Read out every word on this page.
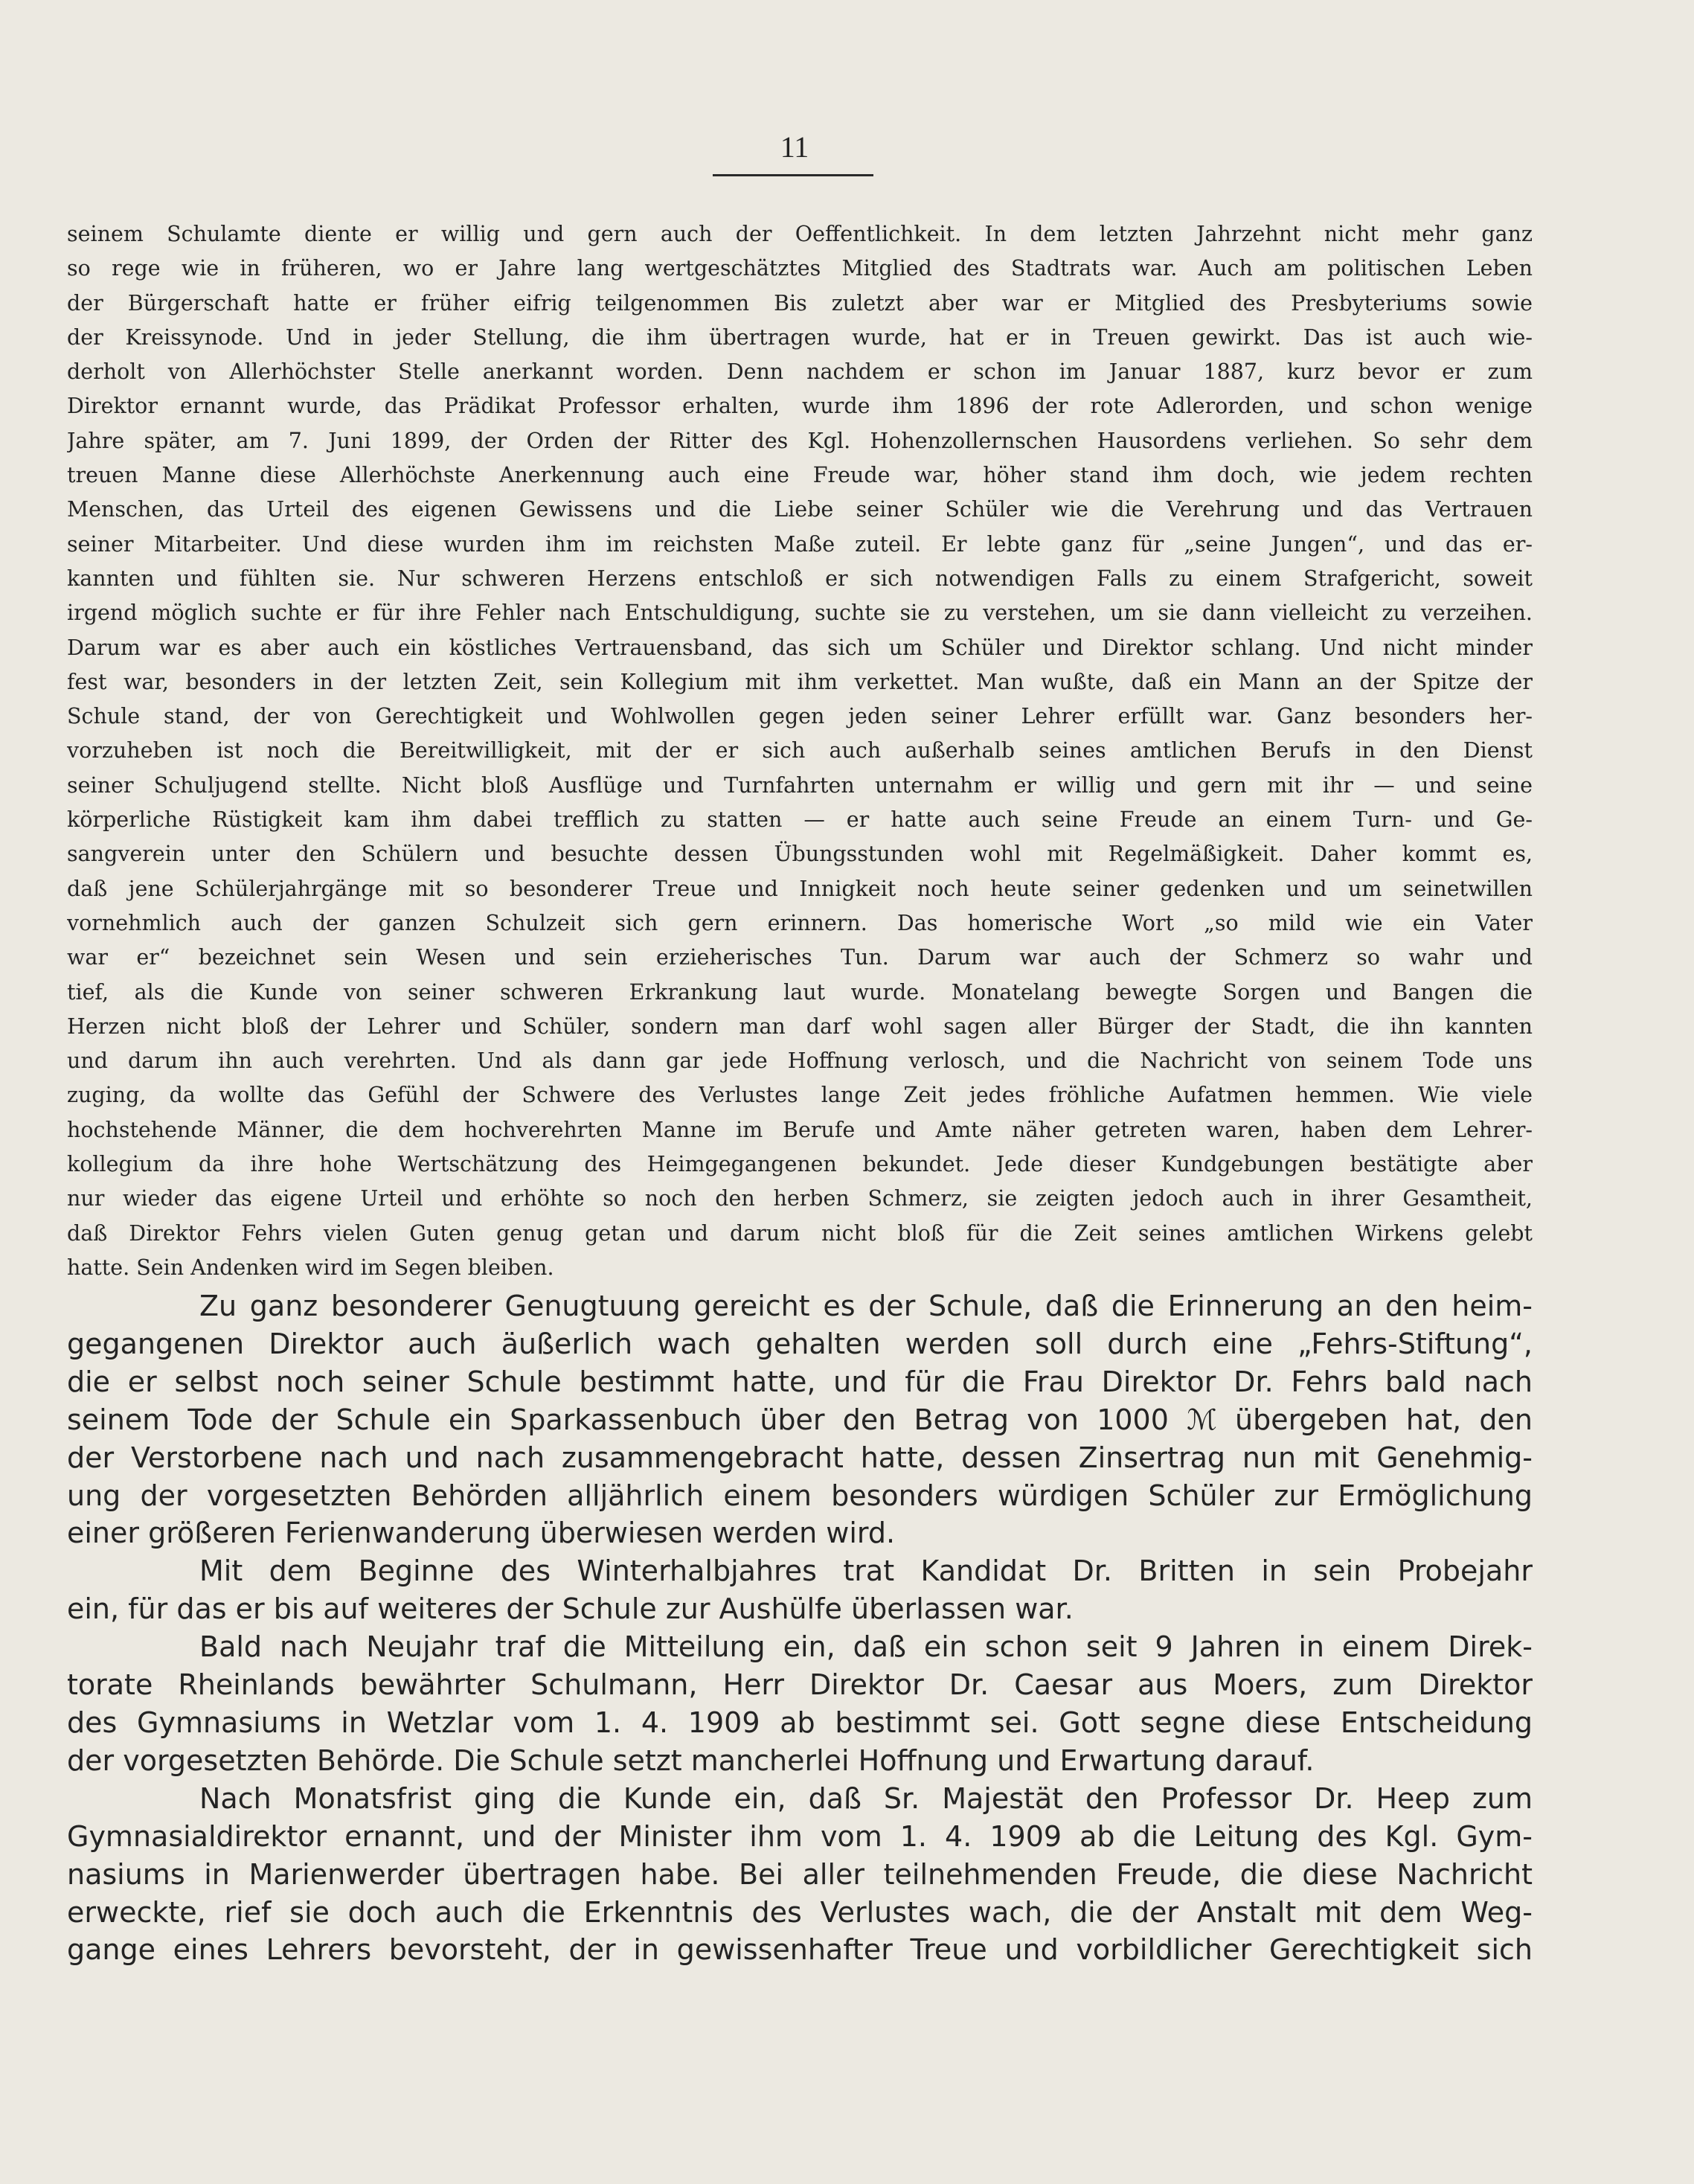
11
seinem Schulamte diente er willig und gern auch der Oeffentlichkeit. In dem letzten Jahrzehnt nicht mehr ganz
so rege wie in früheren, wo er Jahre lang wertgeschätztes Mitglied des Stadtrats war. Auch am politischen Leben
der Bürgerschaft hatte er früher eifrig teilgenommen Bis zuletzt aber war er Mitglied des Presbyteriums sowie
der Kreissynode. Und in jeder Stellung, die ihm übertragen wurde, hat er in Treuen gewirkt. Das ist auch wie-
derholt von Allerhöchster Stelle anerkannt worden. Denn nachdem er schon im Januar 1887, kurz bevor er zum
Direktor ernannt wurde, das Prädikat Professor erhalten, wurde ihm 1896 der rote Adlerorden, und schon wenige
Jahre später, am 7. Juni 1899, der Orden der Ritter des Kgl. Hohenzollernschen Hausordens verliehen. So sehr dem
treuen Manne diese Allerhöchste Anerkennung auch eine Freude war, höher stand ihm doch, wie jedem rechten
Menschen, das Urteil des eigenen Gewissens und die Liebe seiner Schüler wie die Verehrung und das Vertrauen
seiner Mitarbeiter. Und diese wurden ihm im reichsten Maße zuteil. Er lebte ganz für „seine Jungen“, und das er-
kannten und fühlten sie. Nur schweren Herzens entschloß er sich notwendigen Falls zu einem Strafgericht, soweit
irgend möglich suchte er für ihre Fehler nach Entschuldigung, suchte sie zu verstehen, um sie dann vielleicht zu verzeihen.
Darum war es aber auch ein köstliches Vertrauensband, das sich um Schüler und Direktor schlang. Und nicht minder
fest war, besonders in der letzten Zeit, sein Kollegium mit ihm verkettet. Man wußte, daß ein Mann an der Spitze der
Schule stand, der von Gerechtigkeit und Wohlwollen gegen jeden seiner Lehrer erfüllt war. Ganz besonders her-
vorzuheben ist noch die Bereitwilligkeit, mit der er sich auch außerhalb seines amtlichen Berufs in den Dienst
seiner Schuljugend stellte. Nicht bloß Ausflüge und Turnfahrten unternahm er willig und gern mit ihr — und seine
körperliche Rüstigkeit kam ihm dabei trefflich zu statten — er hatte auch seine Freude an einem Turn- und Ge-
sangverein unter den Schülern und besuchte dessen Übungsstunden wohl mit Regelmäßigkeit. Daher kommt es,
daß jene Schülerjahrgänge mit so besonderer Treue und Innigkeit noch heute seiner gedenken und um seinetwillen
vornehmlich auch der ganzen Schulzeit sich gern erinnern. Das homerische Wort „so mild wie ein Vater
war er“ bezeichnet sein Wesen und sein erzieherisches Tun. Darum war auch der Schmerz so wahr und
tief, als die Kunde von seiner schweren Erkrankung laut wurde. Monatelang bewegte Sorgen und Bangen die
Herzen nicht bloß der Lehrer und Schüler, sondern man darf wohl sagen aller Bürger der Stadt, die ihn kannten
und darum ihn auch verehrten. Und als dann gar jede Hoffnung verlosch, und die Nachricht von seinem Tode uns
zuging, da wollte das Gefühl der Schwere des Verlustes lange Zeit jedes fröhliche Aufatmen hemmen. Wie viele
hochstehende Männer, die dem hochverehrten Manne im Berufe und Amte näher getreten waren, haben dem Lehrer-
kollegium da ihre hohe Wertschätzung des Heimgegangenen bekundet. Jede dieser Kundgebungen bestätigte aber
nur wieder das eigene Urteil und erhöhte so noch den herben Schmerz, sie zeigten jedoch auch in ihrer Gesamtheit,
daß Direktor Fehrs vielen Guten genug getan und darum nicht bloß für die Zeit seines amtlichen Wirkens gelebt
hatte. Sein Andenken wird im Segen bleiben.
Zu ganz besonderer Genugtuung gereicht es der Schule, daß die Erinnerung an den heim-
gegangenen Direktor auch äußerlich wach gehalten werden soll durch eine „Fehrs-Stiftung“,
die er selbst noch seiner Schule bestimmt hatte, und für die Frau Direktor Dr. Fehrs bald nach
seinem Tode der Schule ein Sparkassenbuch über den Betrag von 1000 ℳ übergeben hat, den
der Verstorbene nach und nach zusammengebracht hatte, dessen Zinsertrag nun mit Genehmig-
ung der vorgesetzten Behörden alljährlich einem besonders würdigen Schüler zur Ermöglichung
einer größeren Ferienwanderung überwiesen werden wird.
Mit dem Beginne des Winterhalbjahres trat Kandidat Dr. Britten in sein Probejahr
ein, für das er bis auf weiteres der Schule zur Aushülfe überlassen war.
Bald nach Neujahr traf die Mitteilung ein, daß ein schon seit 9 Jahren in einem Direk-
torate Rheinlands bewährter Schulmann, Herr Direktor Dr. Caesar aus Moers, zum Direktor
des Gymnasiums in Wetzlar vom 1. 4. 1909 ab bestimmt sei. Gott segne diese Entscheidung
der vorgesetzten Behörde. Die Schule setzt mancherlei Hoffnung und Erwartung darauf.
Nach Monatsfrist ging die Kunde ein, daß Sr. Majestät den Professor Dr. Heep zum
Gymnasialdirektor ernannt, und der Minister ihm vom 1. 4. 1909 ab die Leitung des Kgl. Gym-
nasiums in Marienwerder übertragen habe. Bei aller teilnehmenden Freude, die diese Nachricht
erweckte, rief sie doch auch die Erkenntnis des Verlustes wach, die der Anstalt mit dem Weg-
gange eines Lehrers bevorsteht, der in gewissenhafter Treue und vorbildlicher Gerechtigkeit sich
